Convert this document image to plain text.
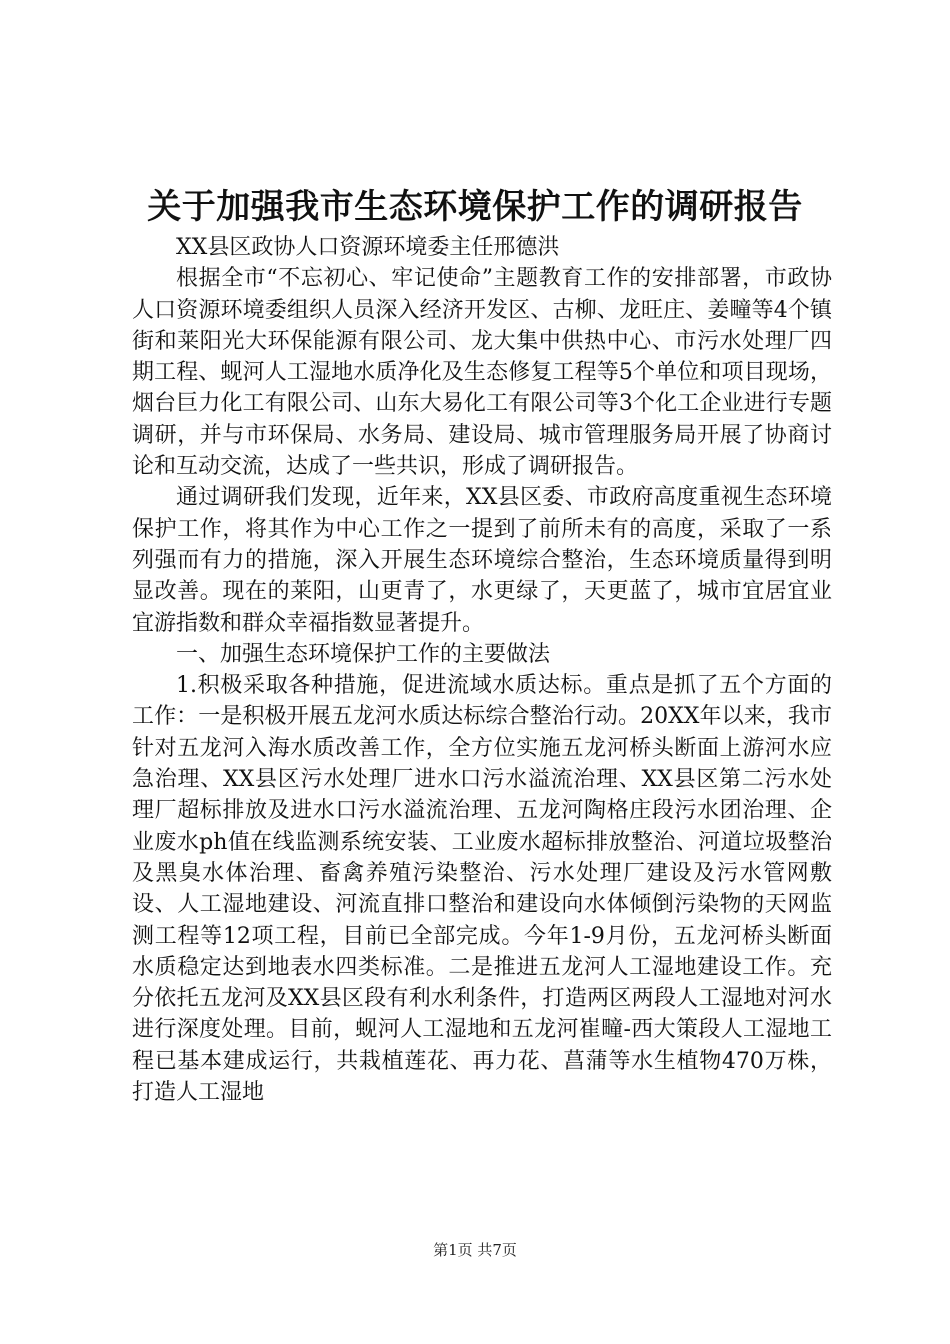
关于加强我市生态环境保护工作的调研报告

XX县区政协人口资源环境委主任邢德洪

根据全市“不忘初心、牢记使命”主题教育工作的安排部署，市政协人口资源环境委组织人员深入经济开发区、古柳、龙旺庄、姜疃等4个镇街和莱阳光大环保能源有限公司、龙大集中供热中心、市污水处理厂四期工程、蚬河人工湿地水质净化及生态修复工程等5个单位和项目现场，烟台巨力化工有限公司、山东大易化工有限公司等3个化工企业进行专题调研，并与市环保局、水务局、建设局、城市管理服务局开展了协商讨论和互动交流，达成了一些共识，形成了调研报告。

通过调研我们发现，近年来，XX县区委、市政府高度重视生态环境保护工作，将其作为中心工作之一提到了前所未有的高度，采取了一系列强而有力的措施，深入开展生态环境综合整治，生态环境质量得到明显改善。现在的莱阳，山更青了，水更绿了，天更蓝了，城市宜居宜业宜游指数和群众幸福指数显著提升。

一、加强生态环境保护工作的主要做法

1.积极采取各种措施，促进流域水质达标。重点是抓了五个方面的工作：一是积极开展五龙河水质达标综合整治行动。20XX年以来，我市针对五龙河入海水质改善工作，全方位实施五龙河桥头断面上游河水应急治理、XX县区污水处理厂进水口污水溢流治理、XX县区第二污水处理厂超标排放及进水口污水溢流治理、五龙河陶格庄段污水团治理、企业废水ph值在线监测系统安装、工业废水超标排放整治、河道垃圾整治及黑臭水体治理、畜禽养殖污染整治、污水处理厂建设及污水管网敷设、人工湿地建设、河流直排口整治和建设向水体倾倒污染物的天网监测工程等12项工程，目前已全部完成。今年1-9月份，五龙河桥头断面水质稳定达到地表水四类标准。二是推进五龙河人工湿地建设工作。充分依托五龙河及XX县区段有利水利条件，打造两区两段人工湿地对河水进行深度处理。目前，蚬河人工湿地和五龙河崔疃-西大策段人工湿地工程已基本建成运行，共栽植莲花、再力花、菖蒲等水生植物470万株，打造人工湿地

第1页 共7页
